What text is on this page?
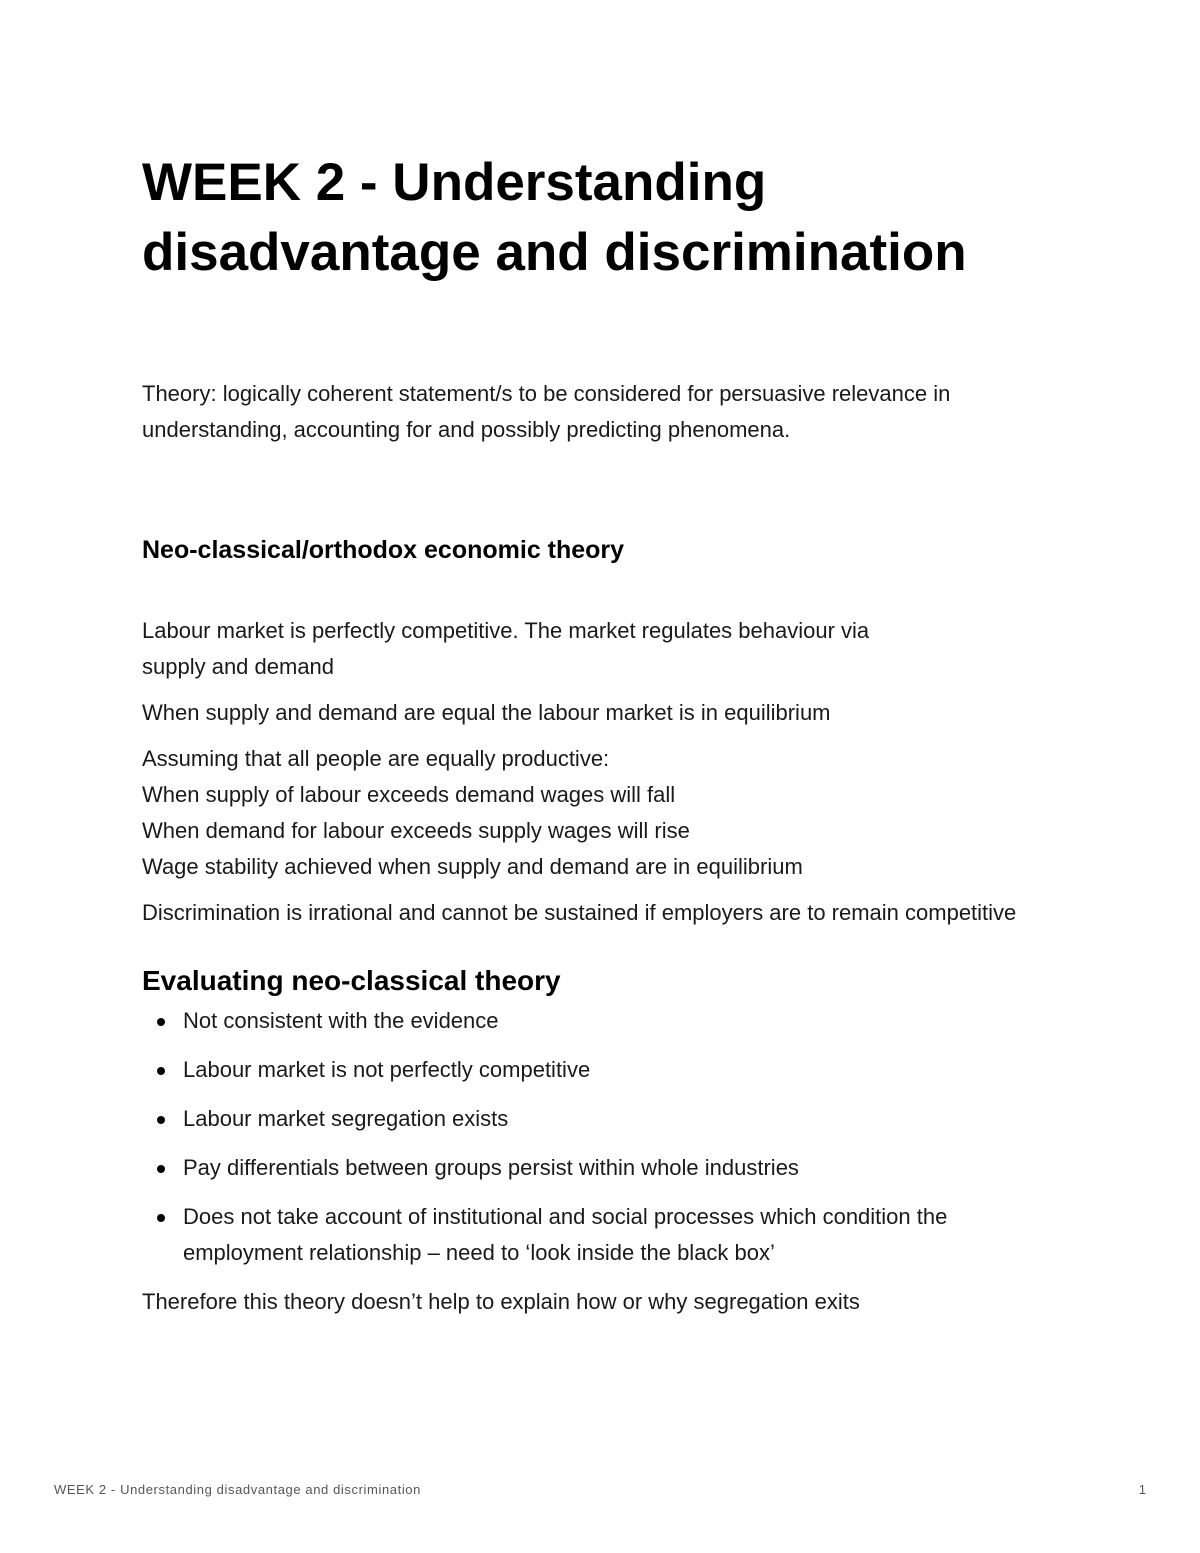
WEEK 2 - Understanding disadvantage and discrimination

Theory: logically coherent statement/s to be considered for persuasive relevance in understanding, accounting for and possibly predicting phenomena.

Neo-classical/orthodox economic theory

Labour market is perfectly competitive. The market regulates behaviour via
supply and demand

When supply and demand are equal the labour market is in equilibrium

Assuming that all people are equally productive:
When supply of labour exceeds demand wages will fall
When demand for labour exceeds supply wages will rise
Wage stability achieved when supply and demand are in equilibrium

Discrimination is irrational and cannot be sustained if employers are to remain competitive

Evaluating neo-classical theory
Not consistent with the evidence
Labour market is not perfectly competitive
Labour market segregation exists
Pay differentials between groups persist within whole industries
Does not take account of institutional and social processes which condition the employment relationship – need to ‘look inside the black box’

Therefore this theory doesn’t help to explain how or why segregation exits

WEEK 2 - Understanding disadvantage and discrimination	1
